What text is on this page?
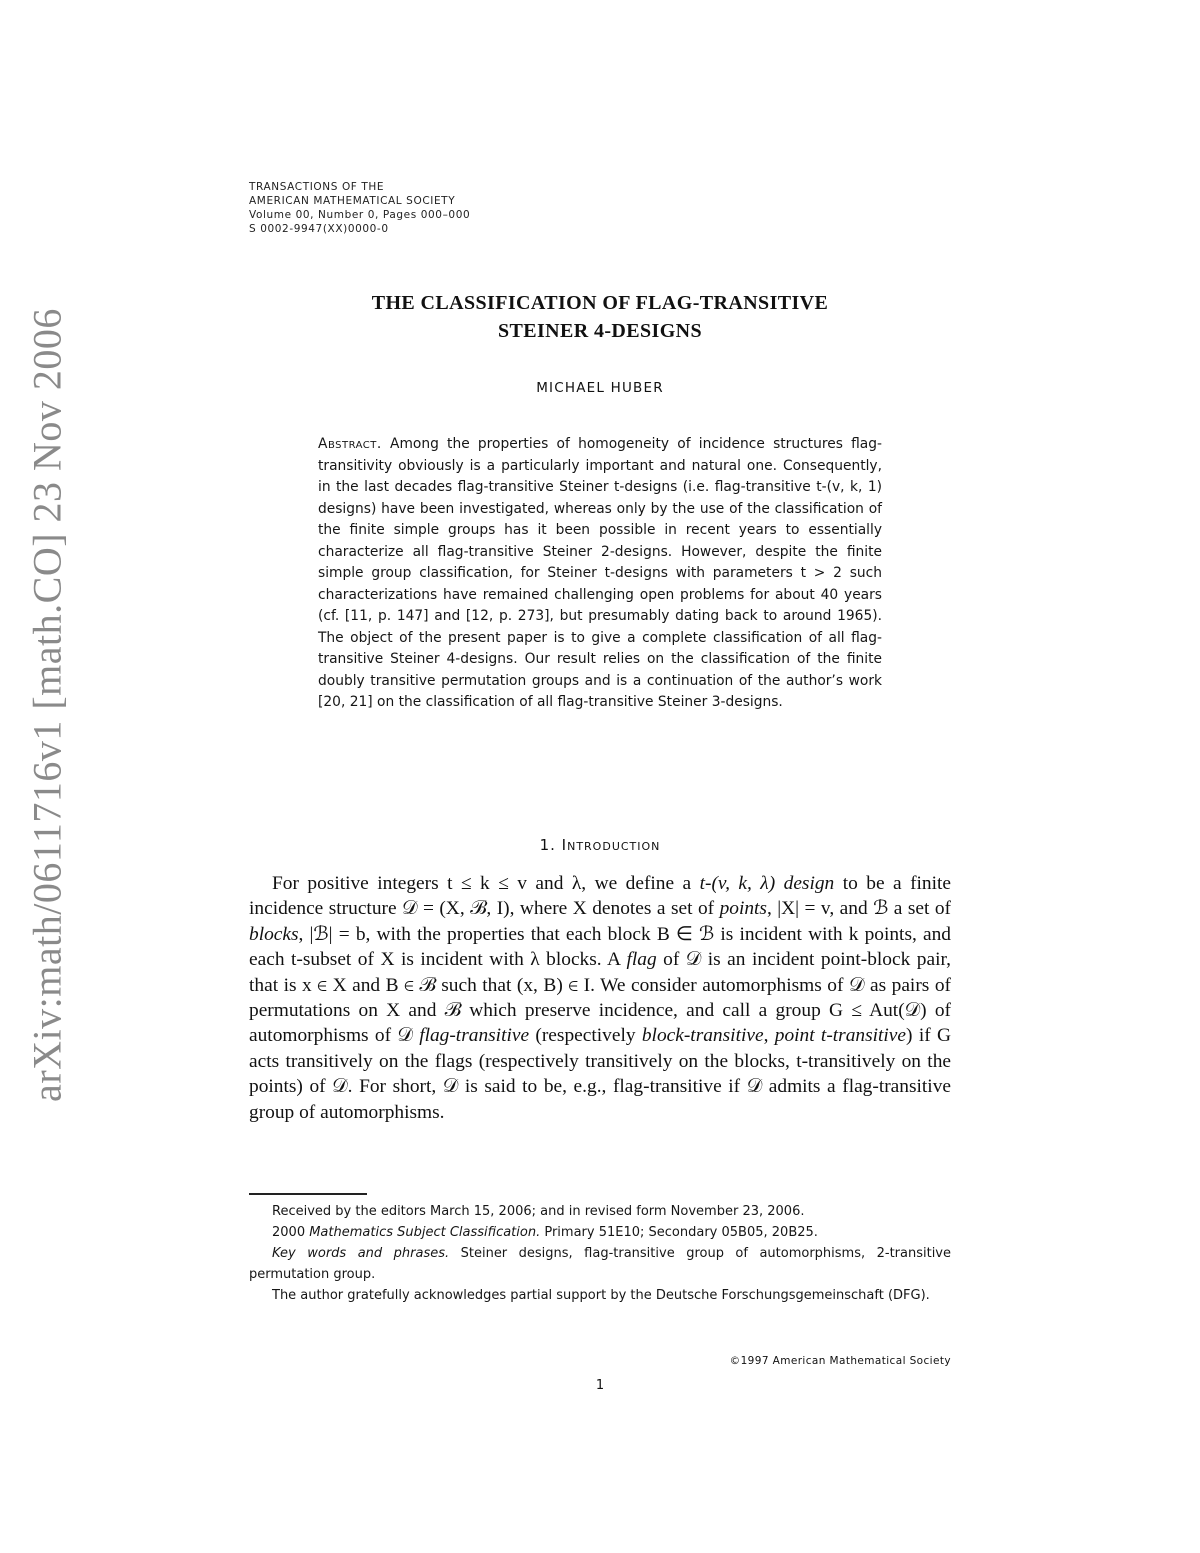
arXiv:math/0611716v1 [math.CO] 23 Nov 2006
TRANSACTIONS OF THE
AMERICAN MATHEMATICAL SOCIETY
Volume 00, Number 0, Pages 000–000
S 0002-9947(XX)0000-0
THE CLASSIFICATION OF FLAG-TRANSITIVE
STEINER 4-DESIGNS
MICHAEL HUBER
Abstract. Among the properties of homogeneity of incidence structures flag-transitivity obviously is a particularly important and natural one. Consequently, in the last decades flag-transitive Steiner t-designs (i.e. flag-transitive t-(v, k, 1) designs) have been investigated, whereas only by the use of the classification of the finite simple groups has it been possible in recent years to essentially characterize all flag-transitive Steiner 2-designs. However, despite the finite simple group classification, for Steiner t-designs with parameters t > 2 such characterizations have remained challenging open problems for about 40 years (cf. [11, p. 147] and [12, p. 273], but presumably dating back to around 1965). The object of the present paper is to give a complete classification of all flag-transitive Steiner 4-designs. Our result relies on the classification of the finite doubly transitive permutation groups and is a continuation of the author’s work [20, 21] on the classification of all flag-transitive Steiner 3-designs.
1. Introduction
For positive integers t ≤ k ≤ v and λ, we define a t-(v, k, λ) design to be a finite incidence structure 𝒟 = (X, ℬ, I), where X denotes a set of points, |X| = v, and ℬ a set of blocks, |ℬ| = b, with the properties that each block B ∈ ℬ is incident with k points, and each t-subset of X is incident with λ blocks. A flag of 𝒟 is an incident point-block pair, that is x ∈ X and B ∈ ℬ such that (x, B) ∈ I. We consider automorphisms of 𝒟 as pairs of permutations on X and ℬ which preserve incidence, and call a group G ≤ Aut(𝒟) of automorphisms of 𝒟 flag-transitive (respectively block-transitive, point t-transitive) if G acts transitively on the flags (respectively transitively on the blocks, t-transitively on the points) of 𝒟. For short, 𝒟 is said to be, e.g., flag-transitive if 𝒟 admits a flag-transitive group of automorphisms.

Received by the editors March 15, 2006; and in revised form November 23, 2006.

2000 Mathematics Subject Classification. Primary 51E10; Secondary 05B05, 20B25.

Key words and phrases. Steiner designs, flag-transitive group of automorphisms, 2-transitive permutation group.

The author gratefully acknowledges partial support by the Deutsche Forschungsgemeinschaft (DFG).

©1997 American Mathematical Society
1
